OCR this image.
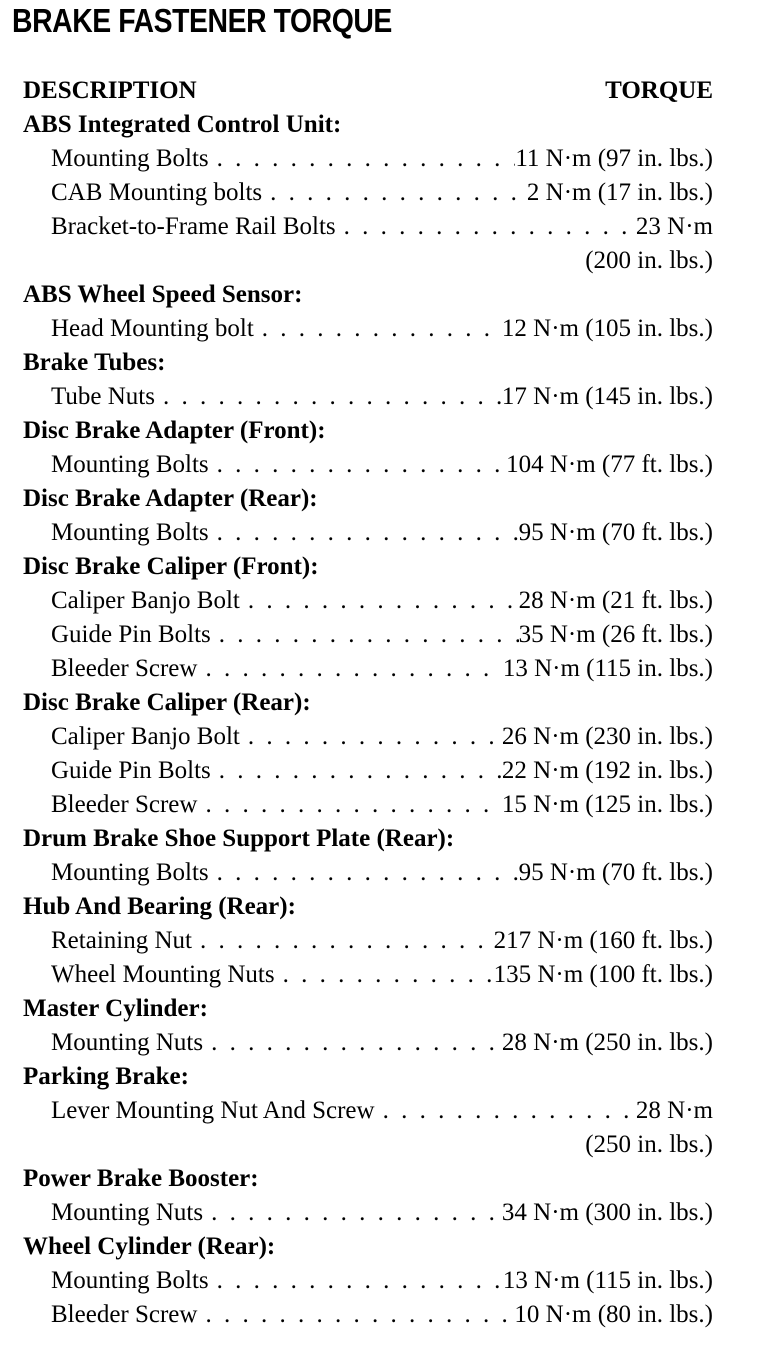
BRAKE FASTENER TORQUE
DESCRIPTION	TORQUE
ABS Integrated Control Unit:
Mounting Bolts . . .	11 N·m (97 in. lbs.)
CAB Mounting bolts . . .	2 N·m (17 in. lbs.)
Bracket-to-Frame Rail Bolts . . .	23 N·m
(200 in. lbs.)
ABS Wheel Speed Sensor:
Head Mounting bolt . . .	12 N·m (105 in. lbs.)
Brake Tubes:
Tube Nuts . . .	17 N·m (145 in. lbs.)
Disc Brake Adapter (Front):
Mounting Bolts . . .	104 N·m (77 ft. lbs.)
Disc Brake Adapter (Rear):
Mounting Bolts . . .	95 N·m (70 ft. lbs.)
Disc Brake Caliper (Front):
Caliper Banjo Bolt . . .	28 N·m (21 ft. lbs.)
Guide Pin Bolts . . .	35 N·m (26 ft. lbs.)
Bleeder Screw . . .	13 N·m (115 in. lbs.)
Disc Brake Caliper (Rear):
Caliper Banjo Bolt . . .	26 N·m (230 in. lbs.)
Guide Pin Bolts . . .	22 N·m (192 in. lbs.)
Bleeder Screw . . .	15 N·m (125 in. lbs.)
Drum Brake Shoe Support Plate (Rear):
Mounting Bolts . . .	95 N·m (70 ft. lbs.)
Hub And Bearing (Rear):
Retaining Nut . . .	217 N·m (160 ft. lbs.)
Wheel Mounting Nuts . . .	135 N·m (100 ft. lbs.)
Master Cylinder:
Mounting Nuts . . .	28 N·m (250 in. lbs.)
Parking Brake:
Lever Mounting Nut And Screw . . .	28 N·m
(250 in. lbs.)
Power Brake Booster:
Mounting Nuts . . .	34 N·m (300 in. lbs.)
Wheel Cylinder (Rear):
Mounting Bolts . . .	13 N·m (115 in. lbs.)
Bleeder Screw . . .	10 N·m (80 in. lbs.)
